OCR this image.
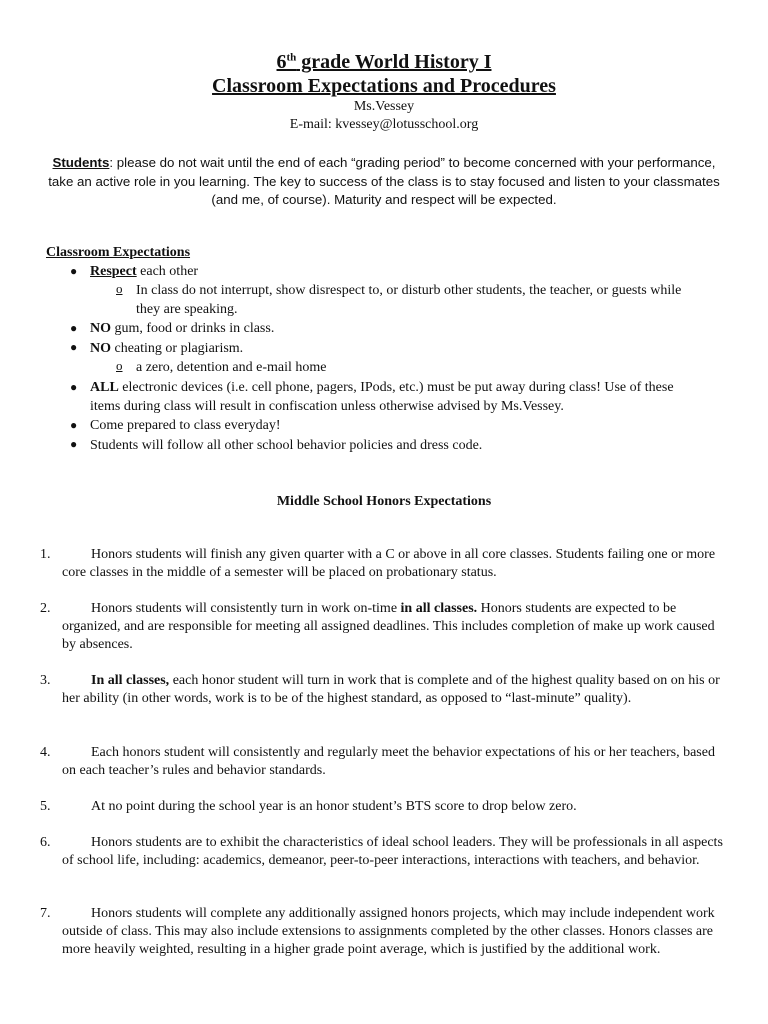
6th grade World History I
Classroom Expectations and Procedures
Ms.Vessey
E-mail: kvessey@lotusschool.org
Students: please do not wait until the end of each “grading period” to become concerned with your performance, take an active role in you learning. The key to success of the class is to stay focused and listen to your classmates (and me, of course). Maturity and respect will be expected.
Classroom Expectations
● Respect each other
o In class do not interrupt, show disrespect to, or disturb other students, the teacher, or guests while
they are speaking.
● NO gum, food or drinks in class.
● NO cheating or plagiarism.
o a zero, detention and e-mail home
● ALL electronic devices (i.e. cell phone, pagers, IPods, etc.) must be put away during class! Use of these
items during class will result in confiscation unless otherwise advised by Ms.Vessey.
● Come prepared to class everyday!
● Students will follow all other school behavior policies and dress code.
Middle School Honors Expectations
1.	Honors students will finish any given quarter with a C or above in all core classes. Students failing one or more core classes in the middle of a semester will be placed on probationary status.
2.	Honors students will consistently turn in work on-time in all classes. Honors students are expected to be organized, and are responsible for meeting all assigned deadlines. This includes completion of make up work caused by absences.
3.	In all classes, each honor student will turn in work that is complete and of the highest quality based on on his or her ability (in other words, work is to be of the highest standard, as opposed to “last-minute” quality).
4.	Each honors student will consistently and regularly meet the behavior expectations of his or her teachers, based on each teacher’s rules and behavior standards.
5.	At no point during the school year is an honor student’s BTS score to drop below zero.
6.	Honors students are to exhibit the characteristics of ideal school leaders. They will be professionals in all aspects of school life, including: academics, demeanor, peer-to-peer interactions, interactions with teachers, and behavior.
7.	Honors students will complete any additionally assigned honors projects, which may include independent work outside of class. This may also include extensions to assignments completed by the other classes. Honors classes are more heavily weighted, resulting in a higher grade point average, which is justified by the additional work.
